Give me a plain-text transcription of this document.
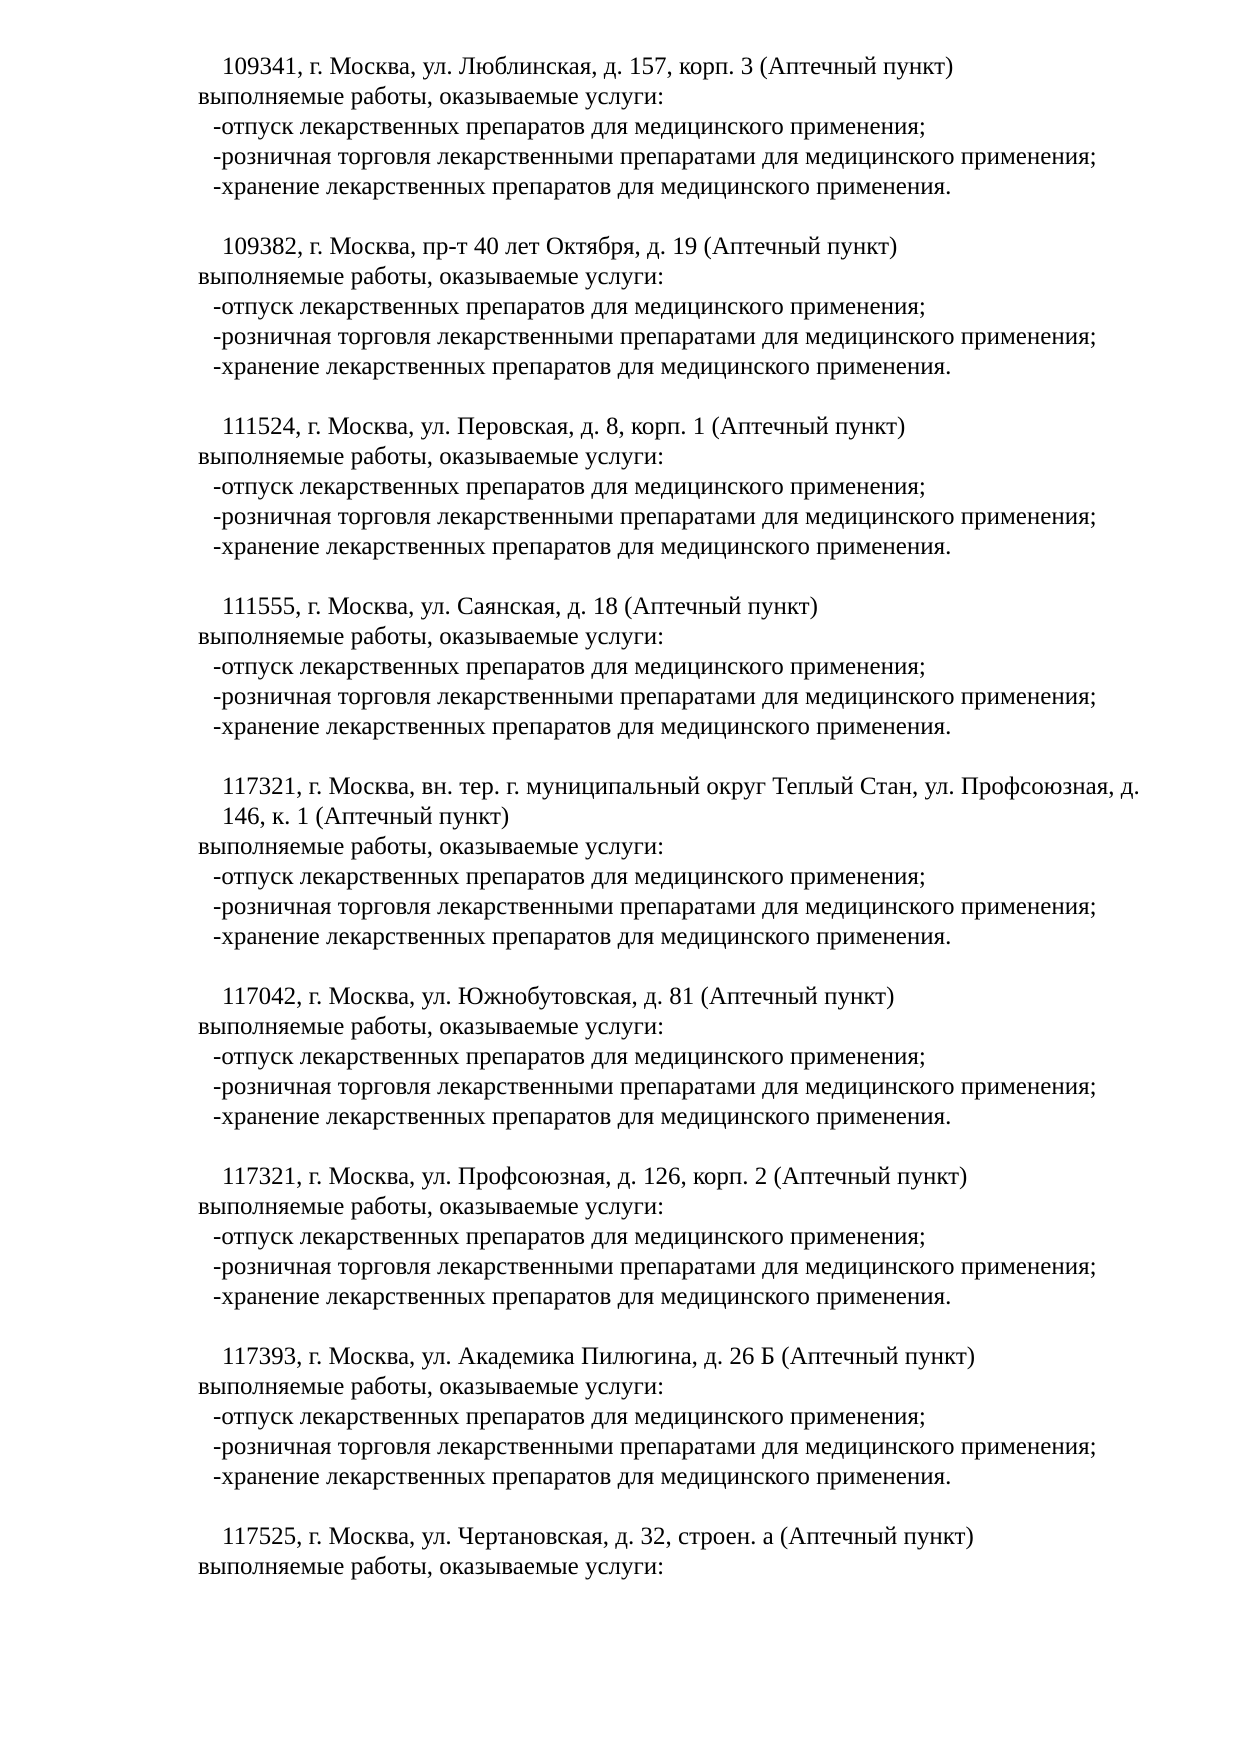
109341, г. Москва, ул. Люблинская, д. 157, корп. 3 (Аптечный пункт)
выполняемые работы, оказываемые услуги:
-отпуск лекарственных препаратов для медицинского применения;
-розничная торговля лекарственными препаратами для медицинского применения;
-хранение лекарственных препаратов для медицинского применения.
109382, г. Москва, пр-т 40 лет Октября, д. 19 (Аптечный пункт)
выполняемые работы, оказываемые услуги:
-отпуск лекарственных препаратов для медицинского применения;
-розничная торговля лекарственными препаратами для медицинского применения;
-хранение лекарственных препаратов для медицинского применения.
111524, г. Москва, ул. Перовская, д. 8, корп. 1 (Аптечный пункт)
выполняемые работы, оказываемые услуги:
-отпуск лекарственных препаратов для медицинского применения;
-розничная торговля лекарственными препаратами для медицинского применения;
-хранение лекарственных препаратов для медицинского применения.
111555, г. Москва, ул. Саянская, д. 18 (Аптечный пункт)
выполняемые работы, оказываемые услуги:
-отпуск лекарственных препаратов для медицинского применения;
-розничная торговля лекарственными препаратами для медицинского применения;
-хранение лекарственных препаратов для медицинского применения.
117321, г. Москва, вн. тер. г. муниципальный округ Теплый Стан, ул. Профсоюзная, д. 146, к. 1 (Аптечный пункт)
выполняемые работы, оказываемые услуги:
-отпуск лекарственных препаратов для медицинского применения;
-розничная торговля лекарственными препаратами для медицинского применения;
-хранение лекарственных препаратов для медицинского применения.
117042, г. Москва, ул. Южнобутовская, д. 81 (Аптечный пункт)
выполняемые работы, оказываемые услуги:
-отпуск лекарственных препаратов для медицинского применения;
-розничная торговля лекарственными препаратами для медицинского применения;
-хранение лекарственных препаратов для медицинского применения.
117321, г. Москва, ул. Профсоюзная, д. 126, корп. 2 (Аптечный пункт)
выполняемые работы, оказываемые услуги:
-отпуск лекарственных препаратов для медицинского применения;
-розничная торговля лекарственными препаратами для медицинского применения;
-хранение лекарственных препаратов для медицинского применения.
117393, г. Москва, ул. Академика Пилюгина, д. 26 Б (Аптечный пункт)
выполняемые работы, оказываемые услуги:
-отпуск лекарственных препаратов для медицинского применения;
-розничная торговля лекарственными препаратами для медицинского применения;
-хранение лекарственных препаратов для медицинского применения.
117525, г. Москва, ул. Чертановская, д. 32, строен. а (Аптечный пункт)
выполняемые работы, оказываемые услуги:
